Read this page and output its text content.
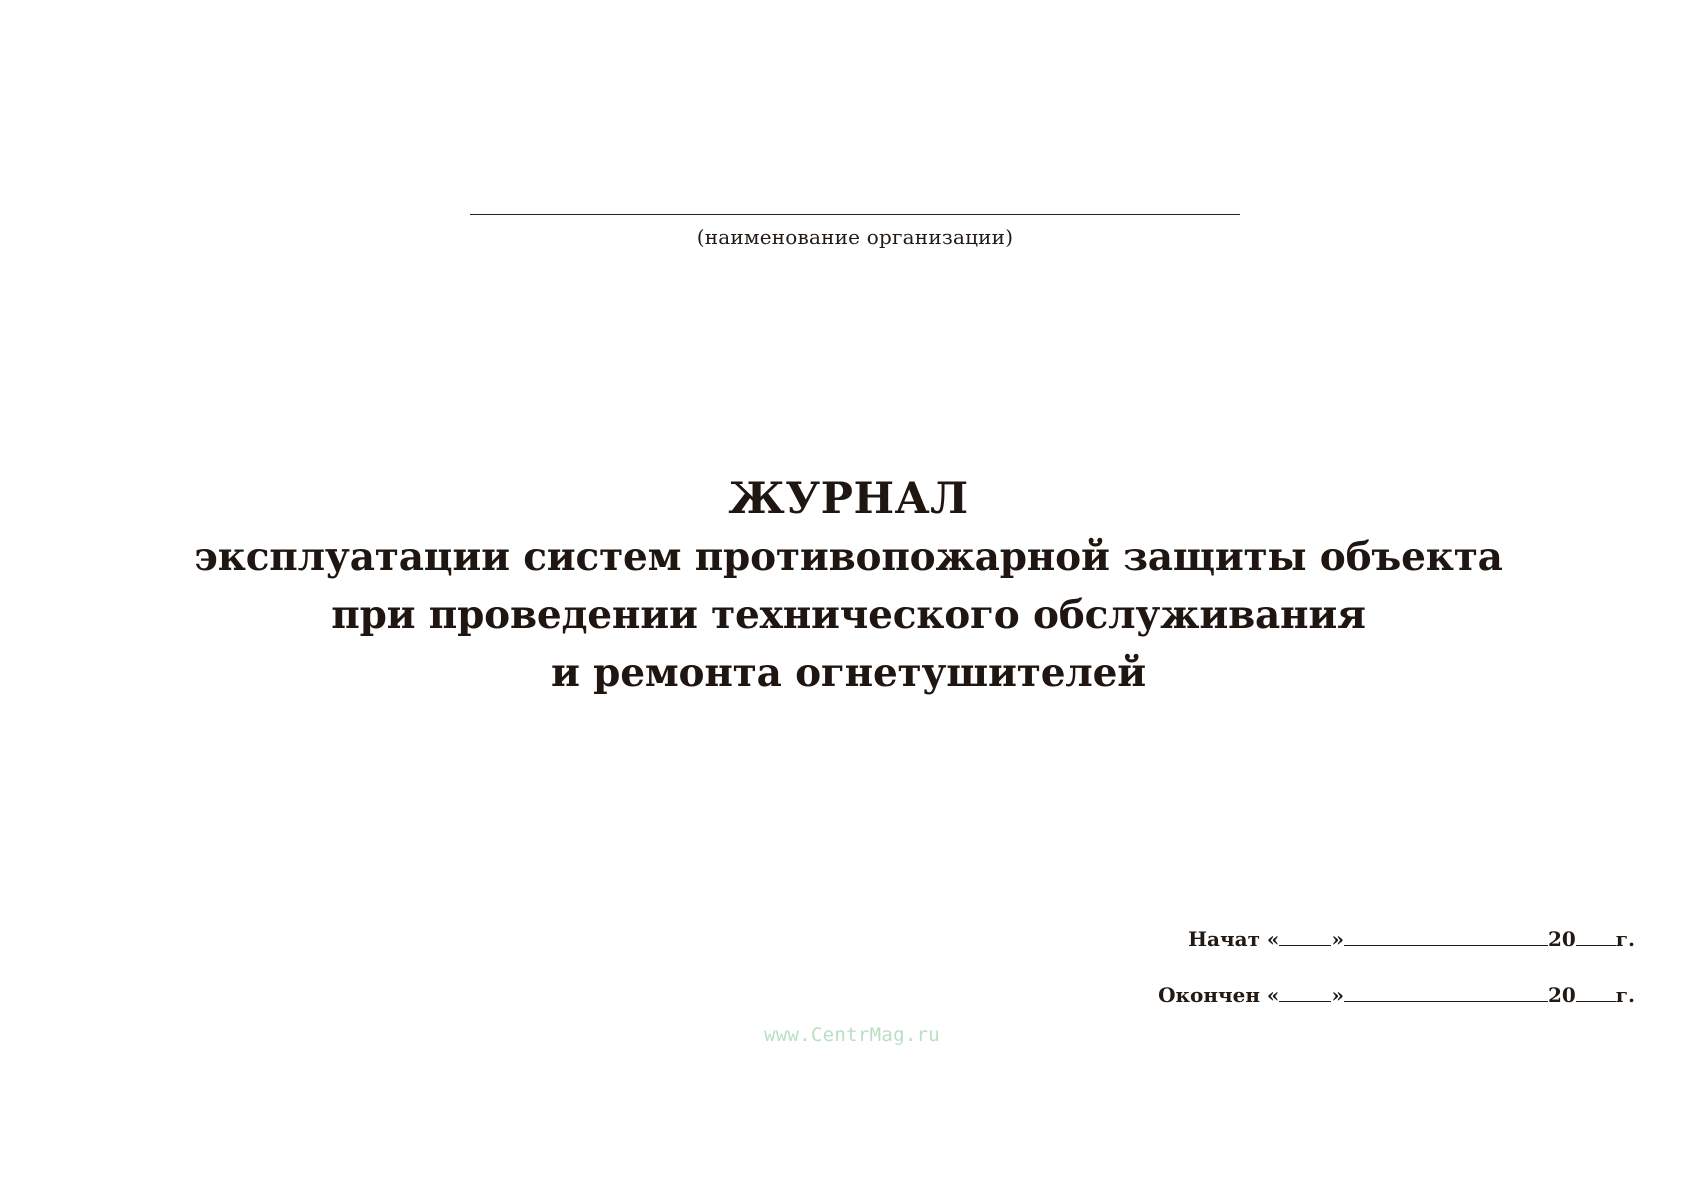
(наименование организации)
ЖУРНАЛ
эксплуатации систем противопожарной защиты объекта
при проведении технического обслуживания
и ремонта огнетушителей
Начат «	»	20 г.
Окончен «	»	20 г.
www.CentrMag.ru
